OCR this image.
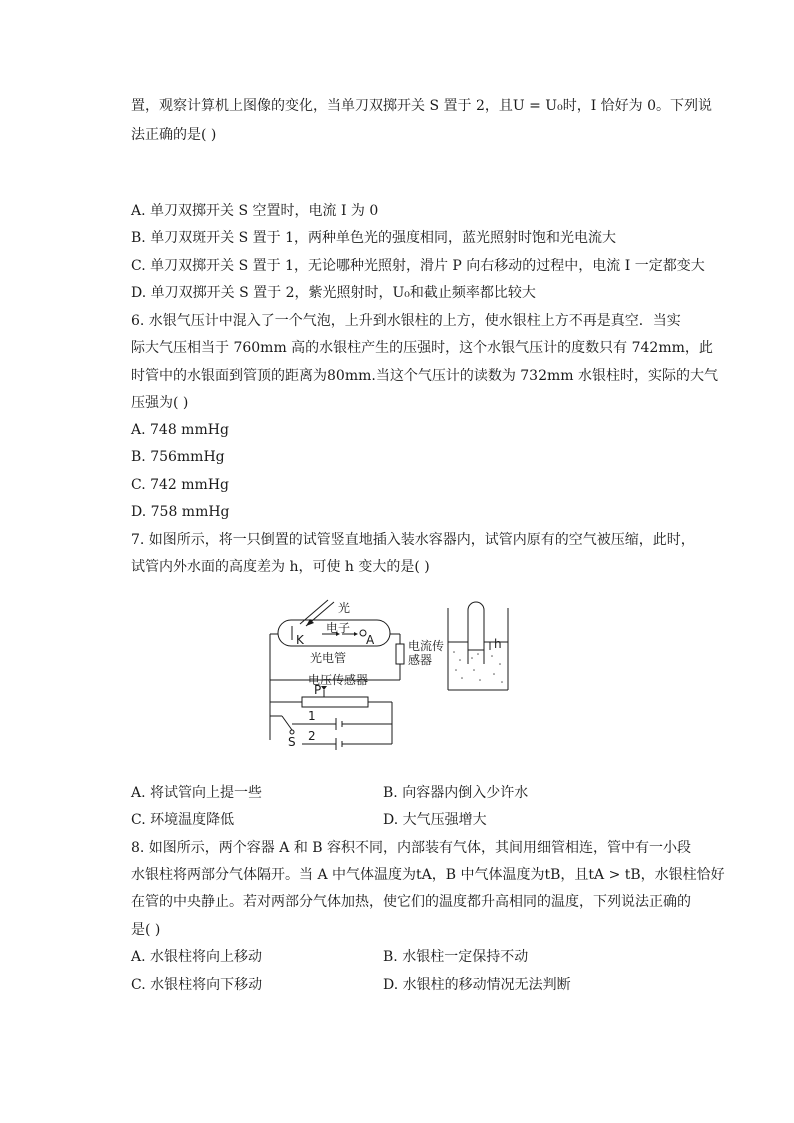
置，观察计算机上图像的变化，当单刀双掷开关 S 置于 2，且U = U₀时，I 恰好为 0。下列说
法正确的是( )
A. 单刀双掷开关 S 空置时，电流 I 为 0
B. 单刀双斑开关 S 置于 1，两种单色光的强度相同，蓝光照射时饱和光电流大
C. 单刀双掷开关 S 置于 1，无论哪种光照射，滑片 P 向右移动的过程中，电流 I 一定都变大
D. 单刀双掷开关 S 置于 2，紫光照射时，U₀和截止频率都比较大
6. 水银气压计中混入了一个气泡，上升到水银柱的上方，使水银柱上方不再是真空．当实
际大气压相当于 760mm 高的水银柱产生的压强时，这个水银气压计的度数只有 742mm，此
时管中的水银面到管顶的距离为80mm.当这个气压计的读数为 732mm 水银柱时，实际的大气
压强为( )
A. 748 mmHg
B. 756mmHg
C. 742 mmHg
D. 758 mmHg
7. 如图所示，将一只倒置的试管竖直地插入装水容器内，试管内原有的空气被压缩，此时，
试管内外水面的高度差为 h，可使 h 变大的是( )
光
电子
K	A
光电管
电流传
感器
电压传感器
P
1
2
S
h
A. 将试管向上提一些	B. 向容器内倒入少许水
C. 环境温度降低	D. 大气压强增大
8. 如图所示，两个容器 A 和 B 容积不同，内部装有气体，其间用细管相连，管中有一小段
水银柱将两部分气体隔开。当 A 中气体温度为tA，B 中气体温度为tB，且tA > tB，水银柱恰好
在管的中央静止。若对两部分气体加热，使它们的温度都升高相同的温度，下列说法正确的
是( )
A. 水银柱将向上移动	B. 水银柱一定保持不动
C. 水银柱将向下移动	D. 水银柱的移动情况无法判断
